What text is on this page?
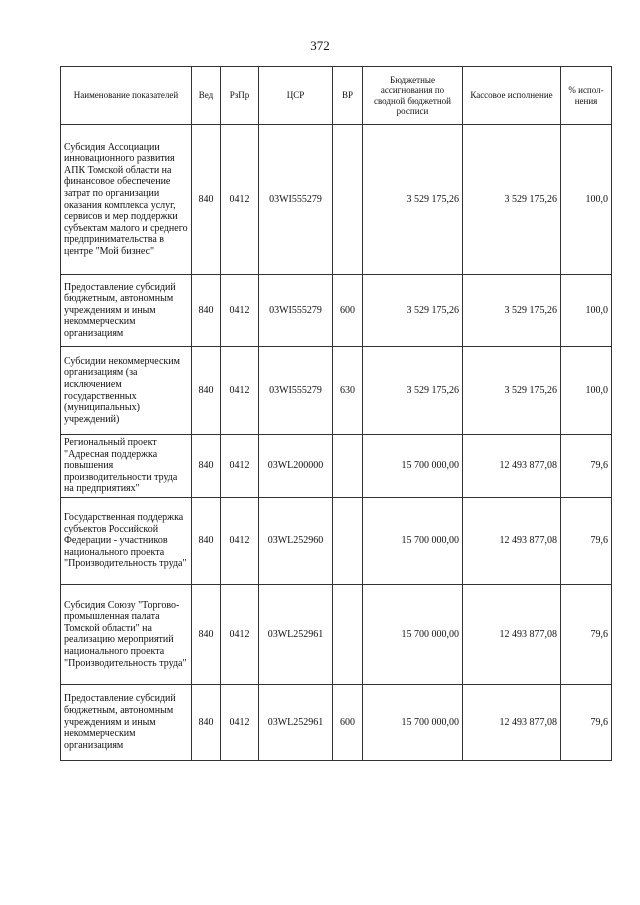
372
Наименование показателей	Вед	РзПр	ЦСР	ВР	Бюджетные ассигнования по сводной бюджетной росписи	Кассовое исполнение	% испол- нения
Субсидия Ассоциации инновационного развития АПК Томской области на финансовое обеспечение затрат по организации оказания комплекса услуг, сервисов и мер поддержки субъектам малого и среднего предпринимательства в центре "Мой бизнес"	840	0412	03WI555279		3 529 175,26	3 529 175,26	100,0
Предоставление субсидий бюджетным, автономным учреждениям и иным некоммерческим организациям	840	0412	03WI555279	600	3 529 175,26	3 529 175,26	100,0
Субсидии некоммерческим организациям (за исключением государственных (муниципальных) учреждений)	840	0412	03WI555279	630	3 529 175,26	3 529 175,26	100,0
Региональный проект "Адресная поддержка повышения производительности труда на предприятиях"	840	0412	03WL200000		15 700 000,00	12 493 877,08	79,6
Государственная поддержка субъектов Российской Федерации - участников национального проекта "Производительность труда"	840	0412	03WL252960		15 700 000,00	12 493 877,08	79,6
Субсидия Союзу "Торгово-промышленная палата Томской области" на реализацию мероприятий национального проекта "Производительность труда"	840	0412	03WL252961		15 700 000,00	12 493 877,08	79,6
Предоставление субсидий бюджетным, автономным учреждениям и иным некоммерческим организациям	840	0412	03WL252961	600	15 700 000,00	12 493 877,08	79,6
